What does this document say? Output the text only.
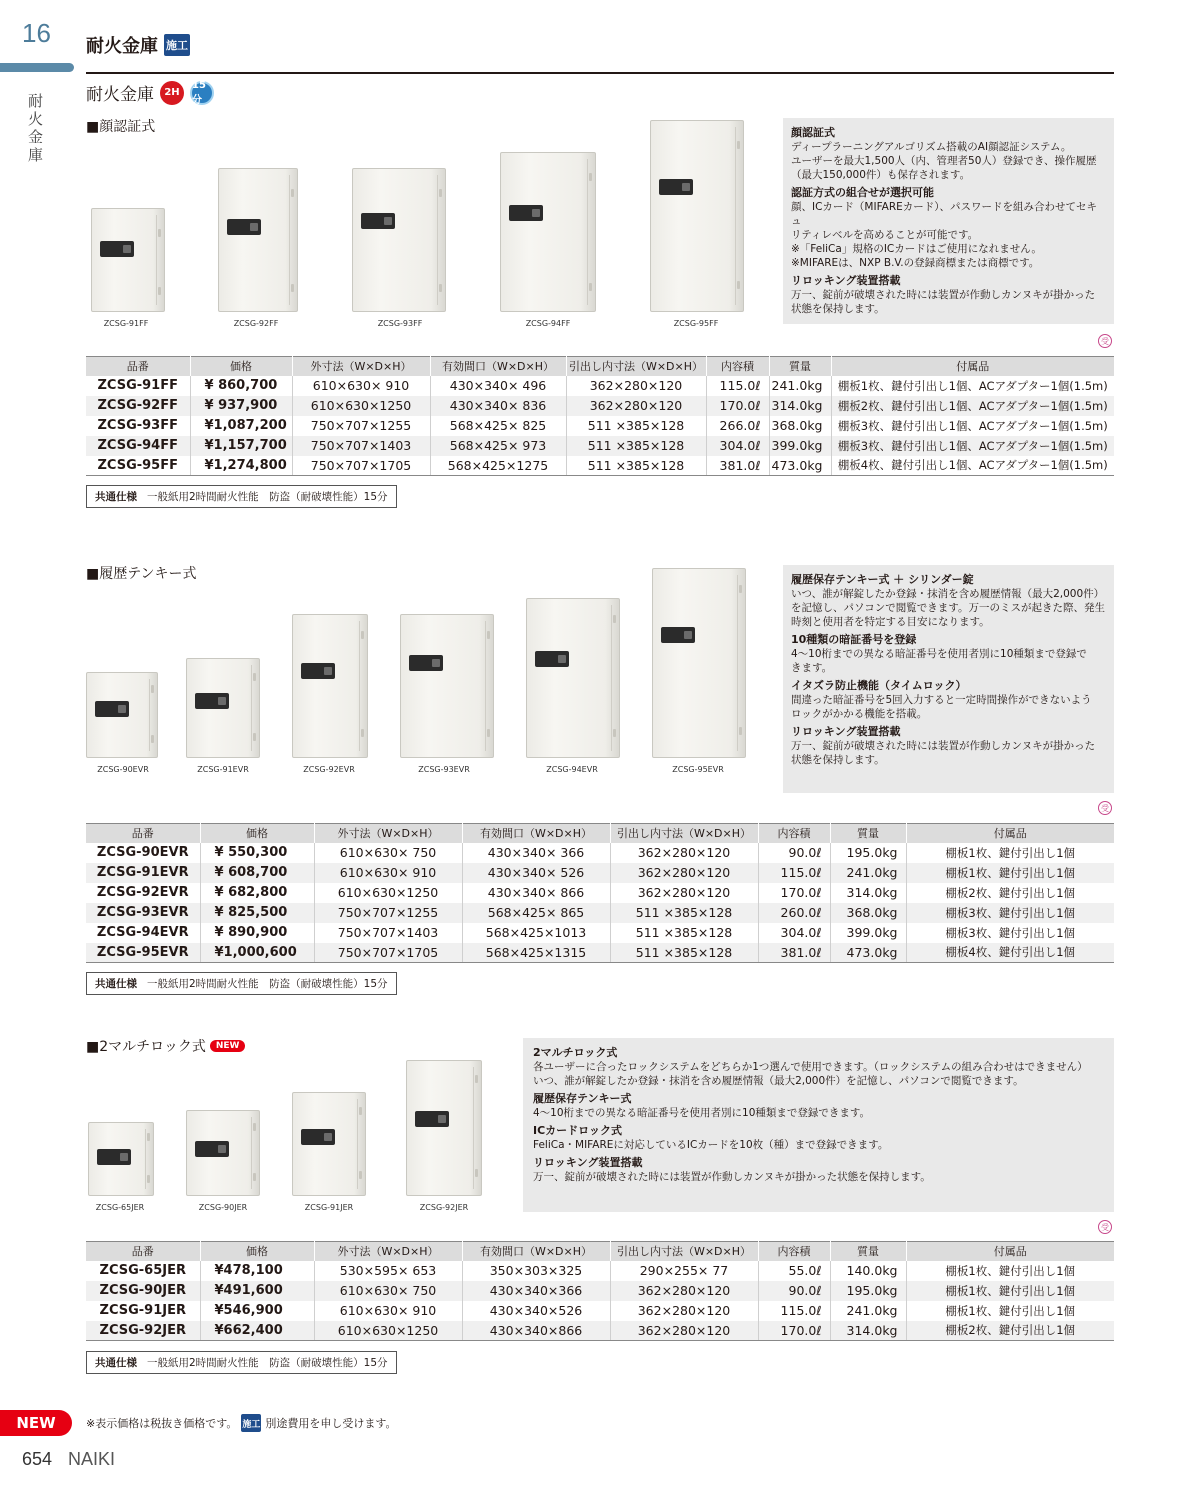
16
耐火金庫
耐火金庫 施工
耐火金庫	2H
15分
■顔認証式
ZCSG-91FF	ZCSG-92FF	ZCSG-93FF	ZCSG-94FF	ZCSG-95FF
顔認証式
ディープラーニングアルゴリズム搭載のAI顔認証システム。
ユーザーを最大1,500人（内、管理者50人）登録でき、操作履歴
（最大150,000件）も保存されます。
認証方式の組合せが選択可能
顔、ICカード（MIFAREカード）、パスワードを組み合わせてセキュ
リティレベルを高めることが可能です。
※「FeliCa」規格のICカードはご使用になれません。
※MIFAREは、NXP B.V.の登録商標または商標です。
リロッキング装置搭載
万一、錠前が破壊された時には装置が作動しカンヌキが掛かった
状態を保持します。
受
品番	価格	外寸法（W×D×H）	有効間口（W×D×H）	引出し内寸法（W×D×H）	内容積	質量	付属品
ZCSG-91FF	¥ 860,700	610×630× 910	430×340× 496	362×280×120	115.0ℓ	241.0kg	棚板1枚、鍵付引出し1個、ACアダプター1個(1.5m)
ZCSG-92FF	¥ 937,900	610×630×1250	430×340× 836	362×280×120	170.0ℓ	314.0kg	棚板2枚、鍵付引出し1個、ACアダプター1個(1.5m)
ZCSG-93FF	¥1,087,200	750×707×1255	568×425× 825	511 ×385×128	266.0ℓ	368.0kg	棚板3枚、鍵付引出し1個、ACアダプター1個(1.5m)
ZCSG-94FF	¥1,157,700	750×707×1403	568×425× 973	511 ×385×128	304.0ℓ	399.0kg	棚板3枚、鍵付引出し1個、ACアダプター1個(1.5m)
ZCSG-95FF	¥1,274,800	750×707×1705	568×425×1275	511 ×385×128	381.0ℓ	473.0kg	棚板4枚、鍵付引出し1個、ACアダプター1個(1.5m)
共通仕様 一般紙用2時間耐火性能　防盗（耐破壊性能）15分
■履歴テンキー式
ZCSG-90EVR	ZCSG-91EVR	ZCSG-92EVR	ZCSG-93EVR	ZCSG-94EVR	ZCSG-95EVR
履歴保存テンキー式 ＋ シリンダー錠
いつ、誰が解錠したか登録・抹消を含め履歴情報（最大2,000件）
を記憶し、パソコンで閲覧できます。万一のミスが起きた際、発生
時刻と使用者を特定する目安になります。
10種類の暗証番号を登録
4～10桁までの異なる暗証番号を使用者別に10種類まで登録で
きます。
イタズラ防止機能（タイムロック）
間違った暗証番号を5回入力すると一定時間操作ができないよう
ロックがかかる機能を搭載。
リロッキング装置搭載
万一、錠前が破壊された時には装置が作動しカンヌキが掛かった
状態を保持します。
受
品番	価格	外寸法（W×D×H）	有効間口（W×D×H）	引出し内寸法（W×D×H）	内容積	質量	付属品
ZCSG-90EVR	¥ 550,300	610×630× 750	430×340× 366	362×280×120	90.0ℓ	195.0kg	棚板1枚、鍵付引出し1個
ZCSG-91EVR	¥ 608,700	610×630× 910	430×340× 526	362×280×120	115.0ℓ	241.0kg	棚板1枚、鍵付引出し1個
ZCSG-92EVR	¥ 682,800	610×630×1250	430×340× 866	362×280×120	170.0ℓ	314.0kg	棚板2枚、鍵付引出し1個
ZCSG-93EVR	¥ 825,500	750×707×1255	568×425× 865	511 ×385×128	260.0ℓ	368.0kg	棚板3枚、鍵付引出し1個
ZCSG-94EVR	¥ 890,900	750×707×1403	568×425×1013	511 ×385×128	304.0ℓ	399.0kg	棚板3枚、鍵付引出し1個
ZCSG-95EVR	¥1,000,600	750×707×1705	568×425×1315	511 ×385×128	381.0ℓ	473.0kg	棚板4枚、鍵付引出し1個
共通仕様 一般紙用2時間耐火性能　防盗（耐破壊性能）15分
■2マルチロック式	NEW
ZCSG-65JER	ZCSG-90JER	ZCSG-91JER	ZCSG-92JER
2マルチロック式
各ユーザーに合ったロックシステムをどちらか1つ選んで使用できます。（ロックシステムの組み合わせはできません）
いつ、誰が解錠したか登録・抹消を含め履歴情報（最大2,000件）を記憶し、パソコンで閲覧できます。
履歴保存テンキー式
4～10桁までの異なる暗証番号を使用者別に10種類まで登録できます。
ICカードロック式
FeliCa・MIFAREに対応しているICカードを10枚（種）まで登録できます。
リロッキング装置搭載
万一、錠前が破壊された時には装置が作動しカンヌキが掛かった状態を保持します。
受
品番	価格	外寸法（W×D×H）	有効間口（W×D×H）	引出し内寸法（W×D×H）	内容積	質量	付属品
ZCSG-65JER	¥478,100	530×595× 653	350×303×325	290×255× 77	55.0ℓ	140.0kg	棚板1枚、鍵付引出し1個
ZCSG-90JER	¥491,600	610×630× 750	430×340×366	362×280×120	90.0ℓ	195.0kg	棚板1枚、鍵付引出し1個
ZCSG-91JER	¥546,900	610×630× 910	430×340×526	362×280×120	115.0ℓ	241.0kg	棚板1枚、鍵付引出し1個
ZCSG-92JER	¥662,400	610×630×1250	430×340×866	362×280×120	170.0ℓ	314.0kg	棚板2枚、鍵付引出し1個
共通仕様 一般紙用2時間耐火性能　防盗（耐破壊性能）15分
NEW	※表示価格は税抜き価格です。 施工 別途費用を申し受けます。
654 NAIKI
